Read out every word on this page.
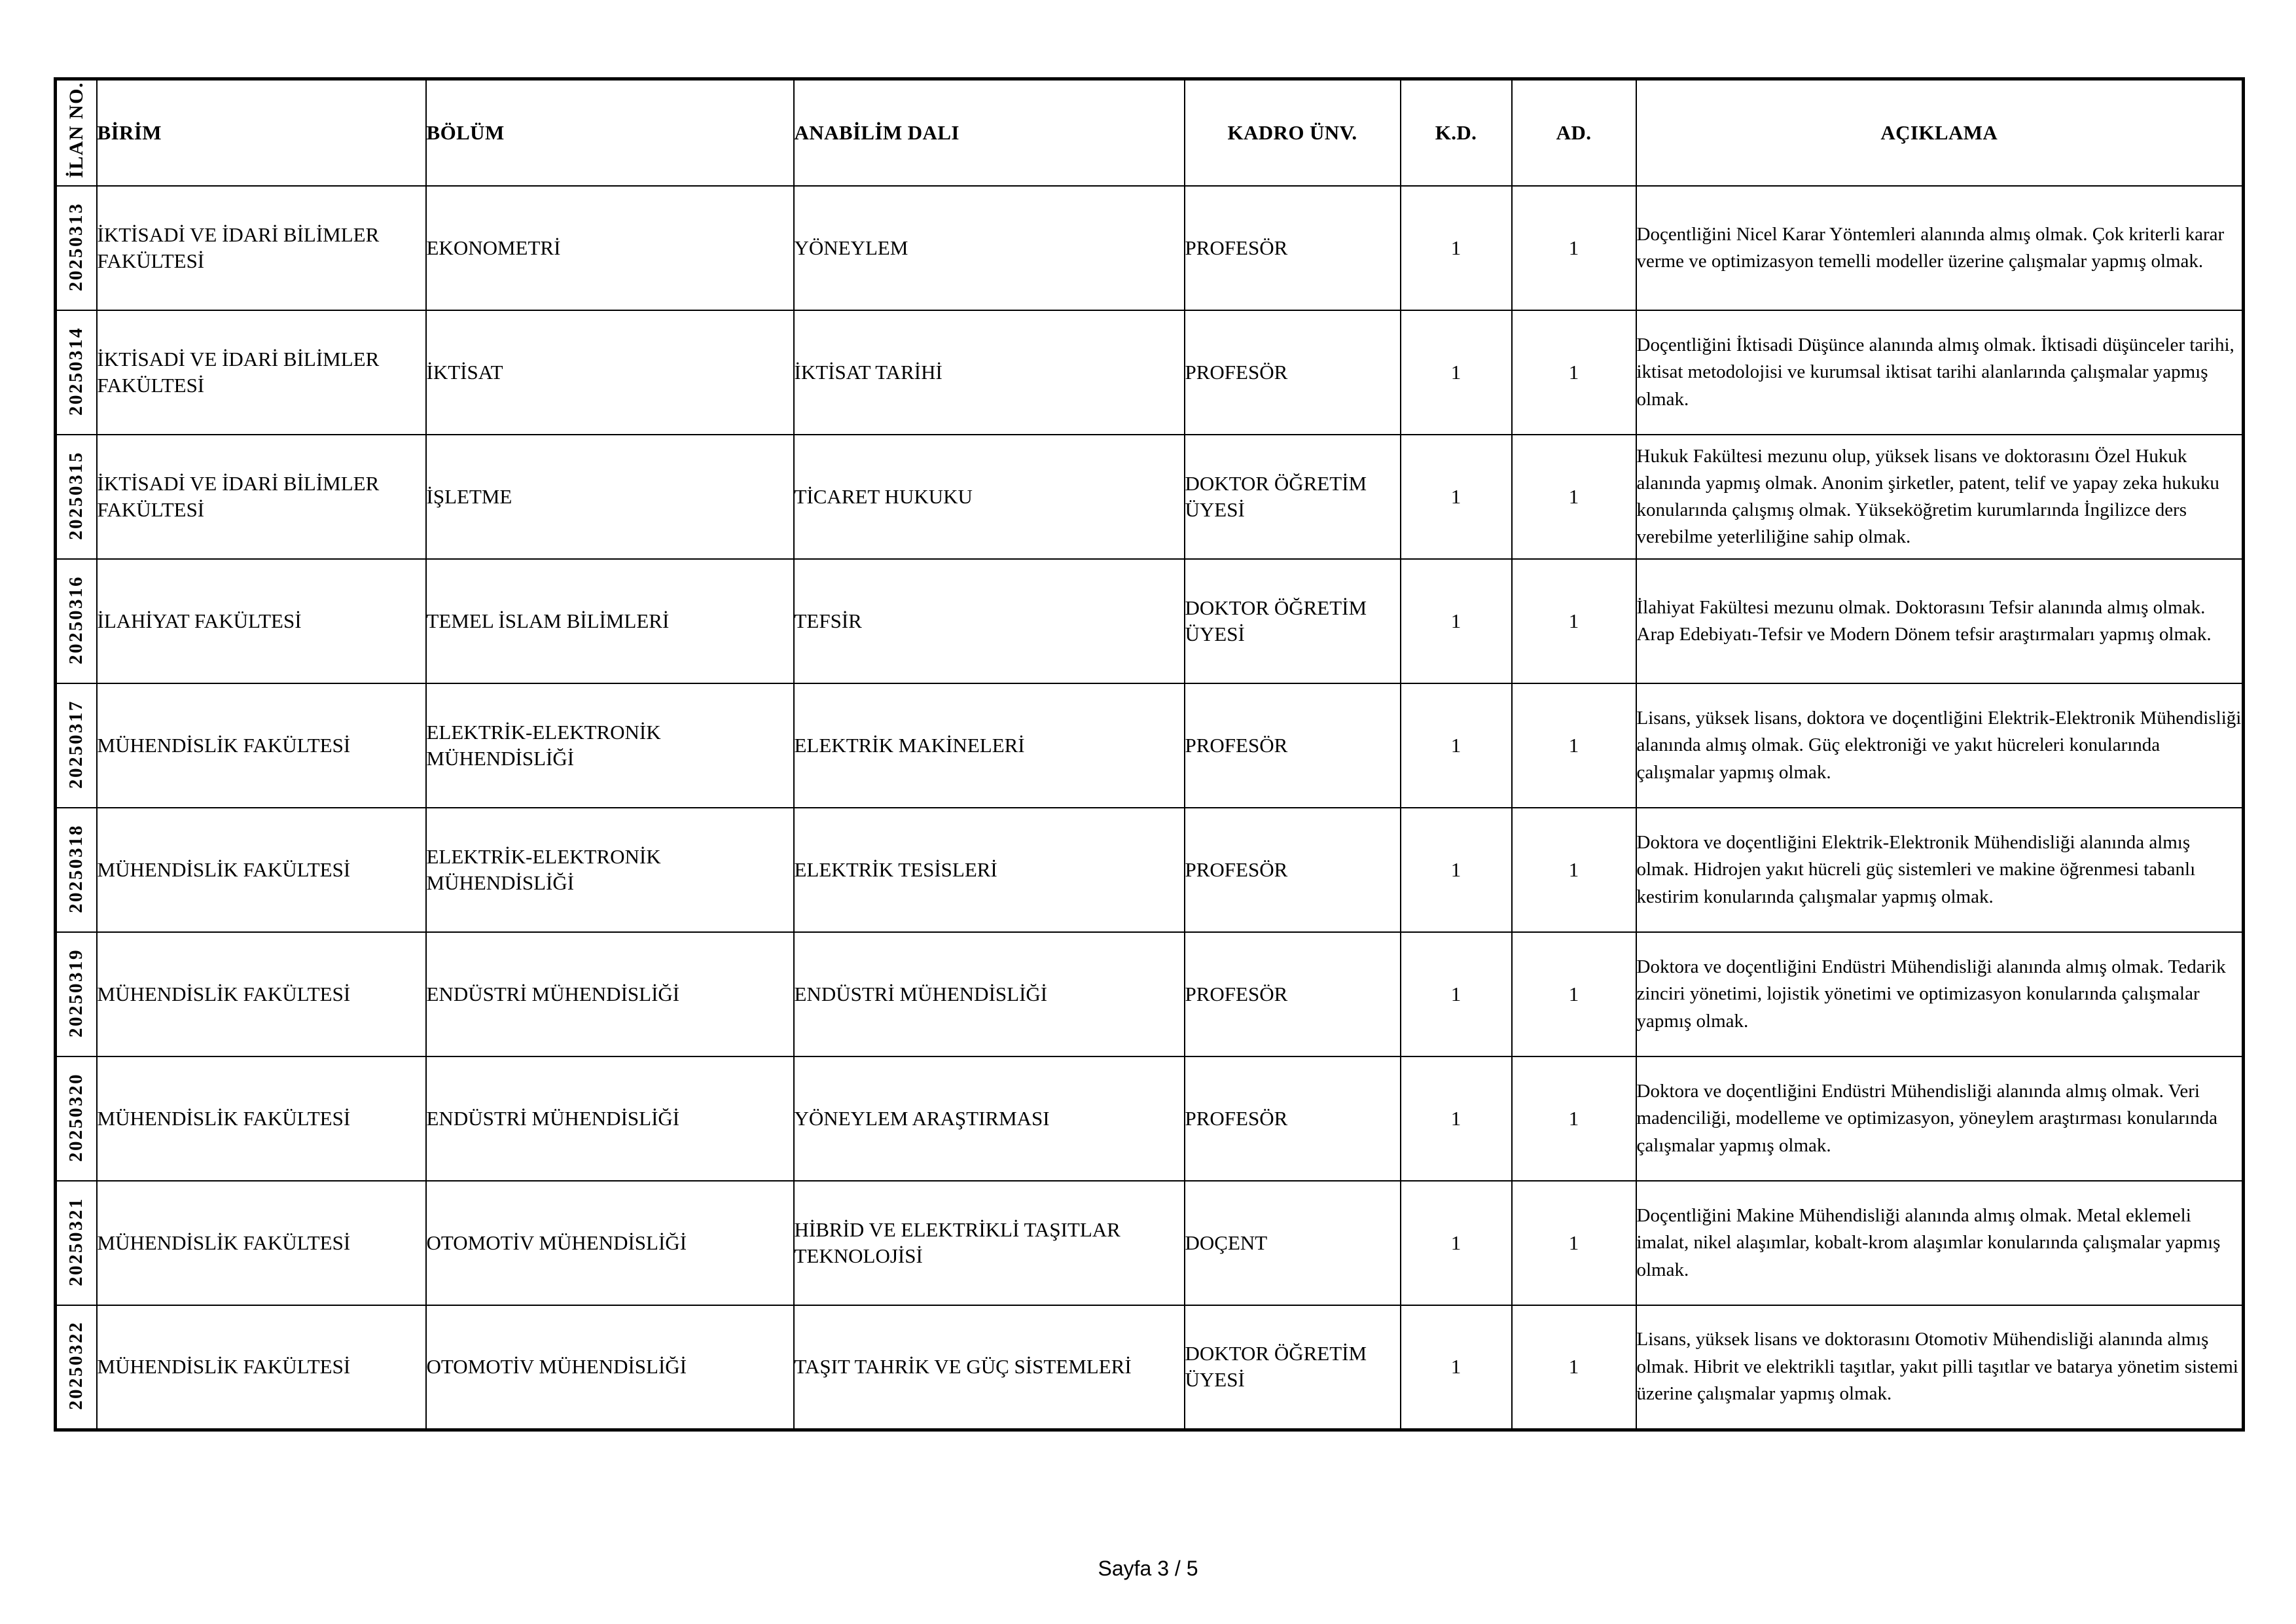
İLAN NO.	BİRİM	BÖLÜM	ANABİLİM DALI	KADRO ÜNV.	K.D.	AD.	AÇIKLAMA
20250313	İKTİSADİ VE İDARİ BİLİMLER FAKÜLTESİ	EKONOMETRİ	YÖNEYLEM	PROFESÖR	1	1	Doçentliğini Nicel Karar Yöntemleri alanında almış olmak. Çok kriterli karar verme ve optimizasyon temelli modeller üzerine çalışmalar yapmış olmak.
20250314	İKTİSADİ VE İDARİ BİLİMLER FAKÜLTESİ	İKTİSAT	İKTİSAT TARİHİ	PROFESÖR	1	1	Doçentliğini İktisadi Düşünce alanında almış olmak. İktisadi düşünceler tarihi, iktisat metodolojisi ve kurumsal iktisat tarihi alanlarında çalışmalar yapmış olmak.
20250315	İKTİSADİ VE İDARİ BİLİMLER FAKÜLTESİ	İŞLETME	TİCARET HUKUKU	DOKTOR ÖĞRETİM ÜYESİ	1	1	Hukuk Fakültesi mezunu olup, yüksek lisans ve doktorasını Özel Hukuk alanında yapmış olmak. Anonim şirketler, patent, telif ve yapay zeka hukuku konularında çalışmış olmak. Yükseköğretim kurumlarında İngilizce ders verebilme yeterliliğine sahip olmak.
20250316	İLAHİYAT FAKÜLTESİ	TEMEL İSLAM BİLİMLERİ	TEFSİR	DOKTOR ÖĞRETİM ÜYESİ	1	1	İlahiyat Fakültesi mezunu olmak. Doktorasını Tefsir alanında almış olmak. Arap Edebiyatı-Tefsir ve Modern Dönem tefsir araştırmaları yapmış olmak.
20250317	MÜHENDİSLİK FAKÜLTESİ	ELEKTRİK-ELEKTRONİK MÜHENDİSLİĞİ	ELEKTRİK MAKİNELERİ	PROFESÖR	1	1	Lisans, yüksek lisans, doktora ve doçentliğini Elektrik-Elektronik Mühendisliği alanında almış olmak. Güç elektroniği ve yakıt hücreleri konularında çalışmalar yapmış olmak.
20250318	MÜHENDİSLİK FAKÜLTESİ	ELEKTRİK-ELEKTRONİK MÜHENDİSLİĞİ	ELEKTRİK TESİSLERİ	PROFESÖR	1	1	Doktora ve doçentliğini Elektrik-Elektronik Mühendisliği alanında almış olmak. Hidrojen yakıt hücreli güç sistemleri ve makine öğrenmesi tabanlı kestirim konularında çalışmalar yapmış olmak.
20250319	MÜHENDİSLİK FAKÜLTESİ	ENDÜSTRİ MÜHENDİSLİĞİ	ENDÜSTRİ MÜHENDİSLİĞİ	PROFESÖR	1	1	Doktora ve doçentliğini Endüstri Mühendisliği alanında almış olmak. Tedarik zinciri yönetimi, lojistik yönetimi ve optimizasyon konularında çalışmalar yapmış olmak.
20250320	MÜHENDİSLİK FAKÜLTESİ	ENDÜSTRİ MÜHENDİSLİĞİ	YÖNEYLEM ARAŞTIRMASI	PROFESÖR	1	1	Doktora ve doçentliğini Endüstri Mühendisliği alanında almış olmak. Veri madenciliği, modelleme ve optimizasyon, yöneylem araştırması konularında çalışmalar yapmış olmak.
20250321	MÜHENDİSLİK FAKÜLTESİ	OTOMOTİV MÜHENDİSLİĞİ	HİBRİD VE ELEKTRİKLİ TAŞITLAR TEKNOLOJİSİ	DOÇENT	1	1	Doçentliğini Makine Mühendisliği alanında almış olmak. Metal eklemeli imalat, nikel alaşımlar, kobalt-krom alaşımlar konularında çalışmalar yapmış olmak.
20250322	MÜHENDİSLİK FAKÜLTESİ	OTOMOTİV MÜHENDİSLİĞİ	TAŞIT TAHRİK VE GÜÇ SİSTEMLERİ	DOKTOR ÖĞRETİM ÜYESİ	1	1	Lisans, yüksek lisans ve doktorasını Otomotiv Mühendisliği alanında almış olmak. Hibrit ve elektrikli taşıtlar, yakıt pilli taşıtlar ve batarya yönetim sistemi üzerine çalışmalar yapmış olmak.
Sayfa 3 / 5
